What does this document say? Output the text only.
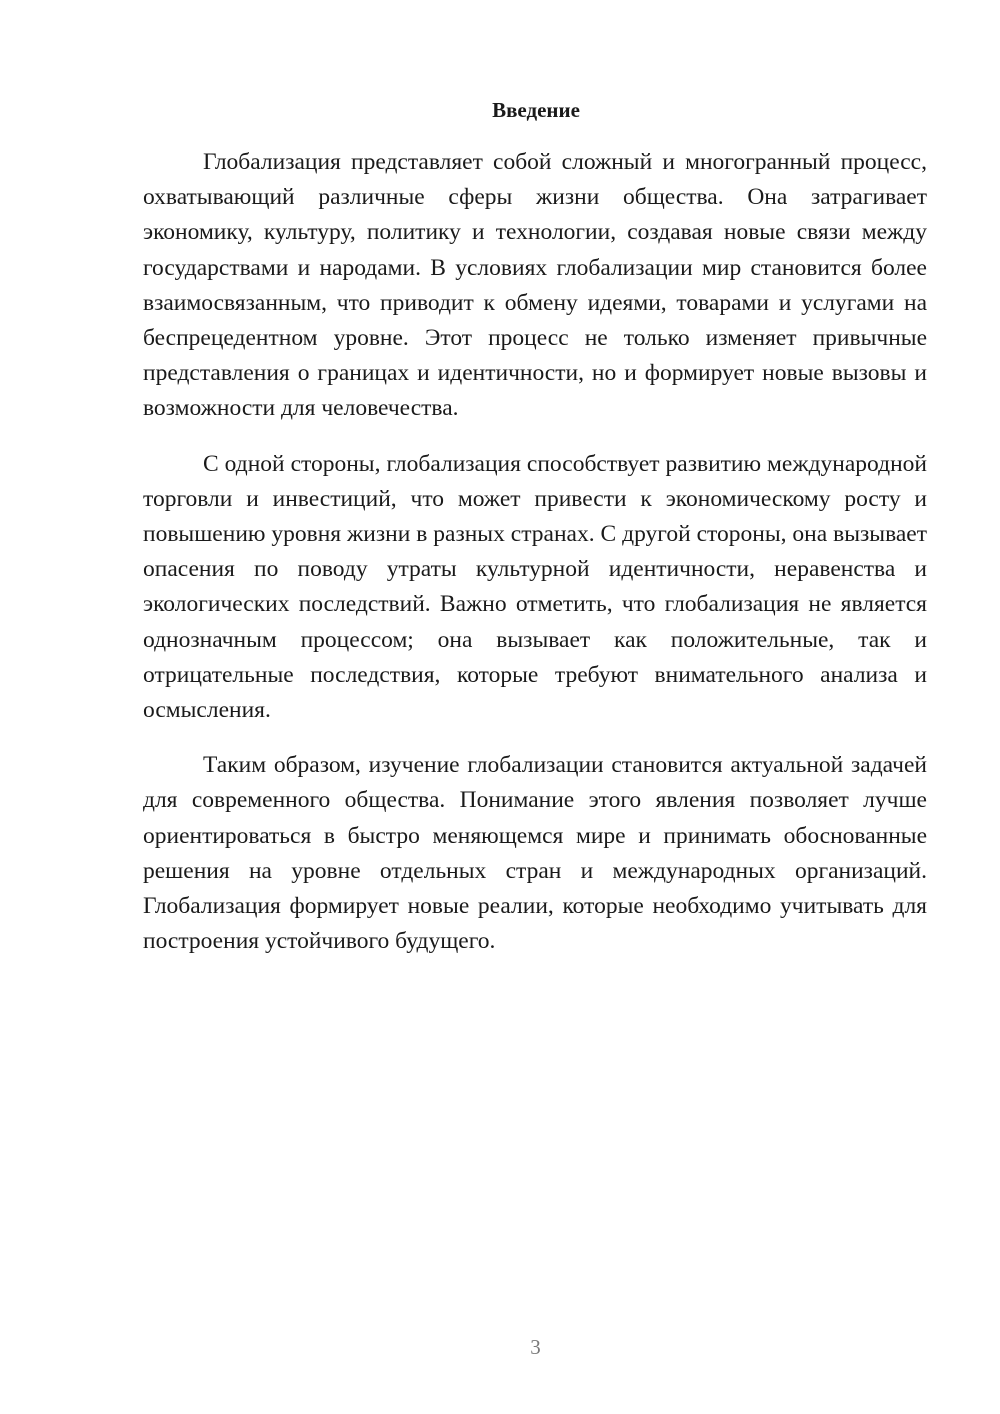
Введение

Глобализация представляет собой сложный и многогранный процесс, охватывающий различные сферы жизни общества. Она затрагивает экономику, культуру, политику и технологии, создавая новые связи между государствами и народами. В условиях глобализации мир становится более взаимосвязанным, что приводит к обмену идеями, товарами и услугами на беспрецедентном уровне. Этот процесс не только изменяет привычные представления о границах и идентичности, но и формирует новые вызовы и возможности для человечества.

С одной стороны, глобализация способствует развитию международной торговли и инвестиций, что может привести к экономическому росту и повышению уровня жизни в разных странах. С другой стороны, она вызывает опасения по поводу утраты культурной идентичности, неравенства и экологических последствий. Важно отметить, что глобализация не является однозначным процессом; она вызывает как положительные, так и отрицательные последствия, которые требуют внимательного анализа и осмысления.

Таким образом, изучение глобализации становится актуальной задачей для современного общества. Понимание этого явления позволяет лучше ориентироваться в быстро меняющемся мире и принимать обоснованные решения на уровне отдельных стран и международных организаций. Глобализация формирует новые реалии, которые необходимо учитывать для построения устойчивого будущего.

3
